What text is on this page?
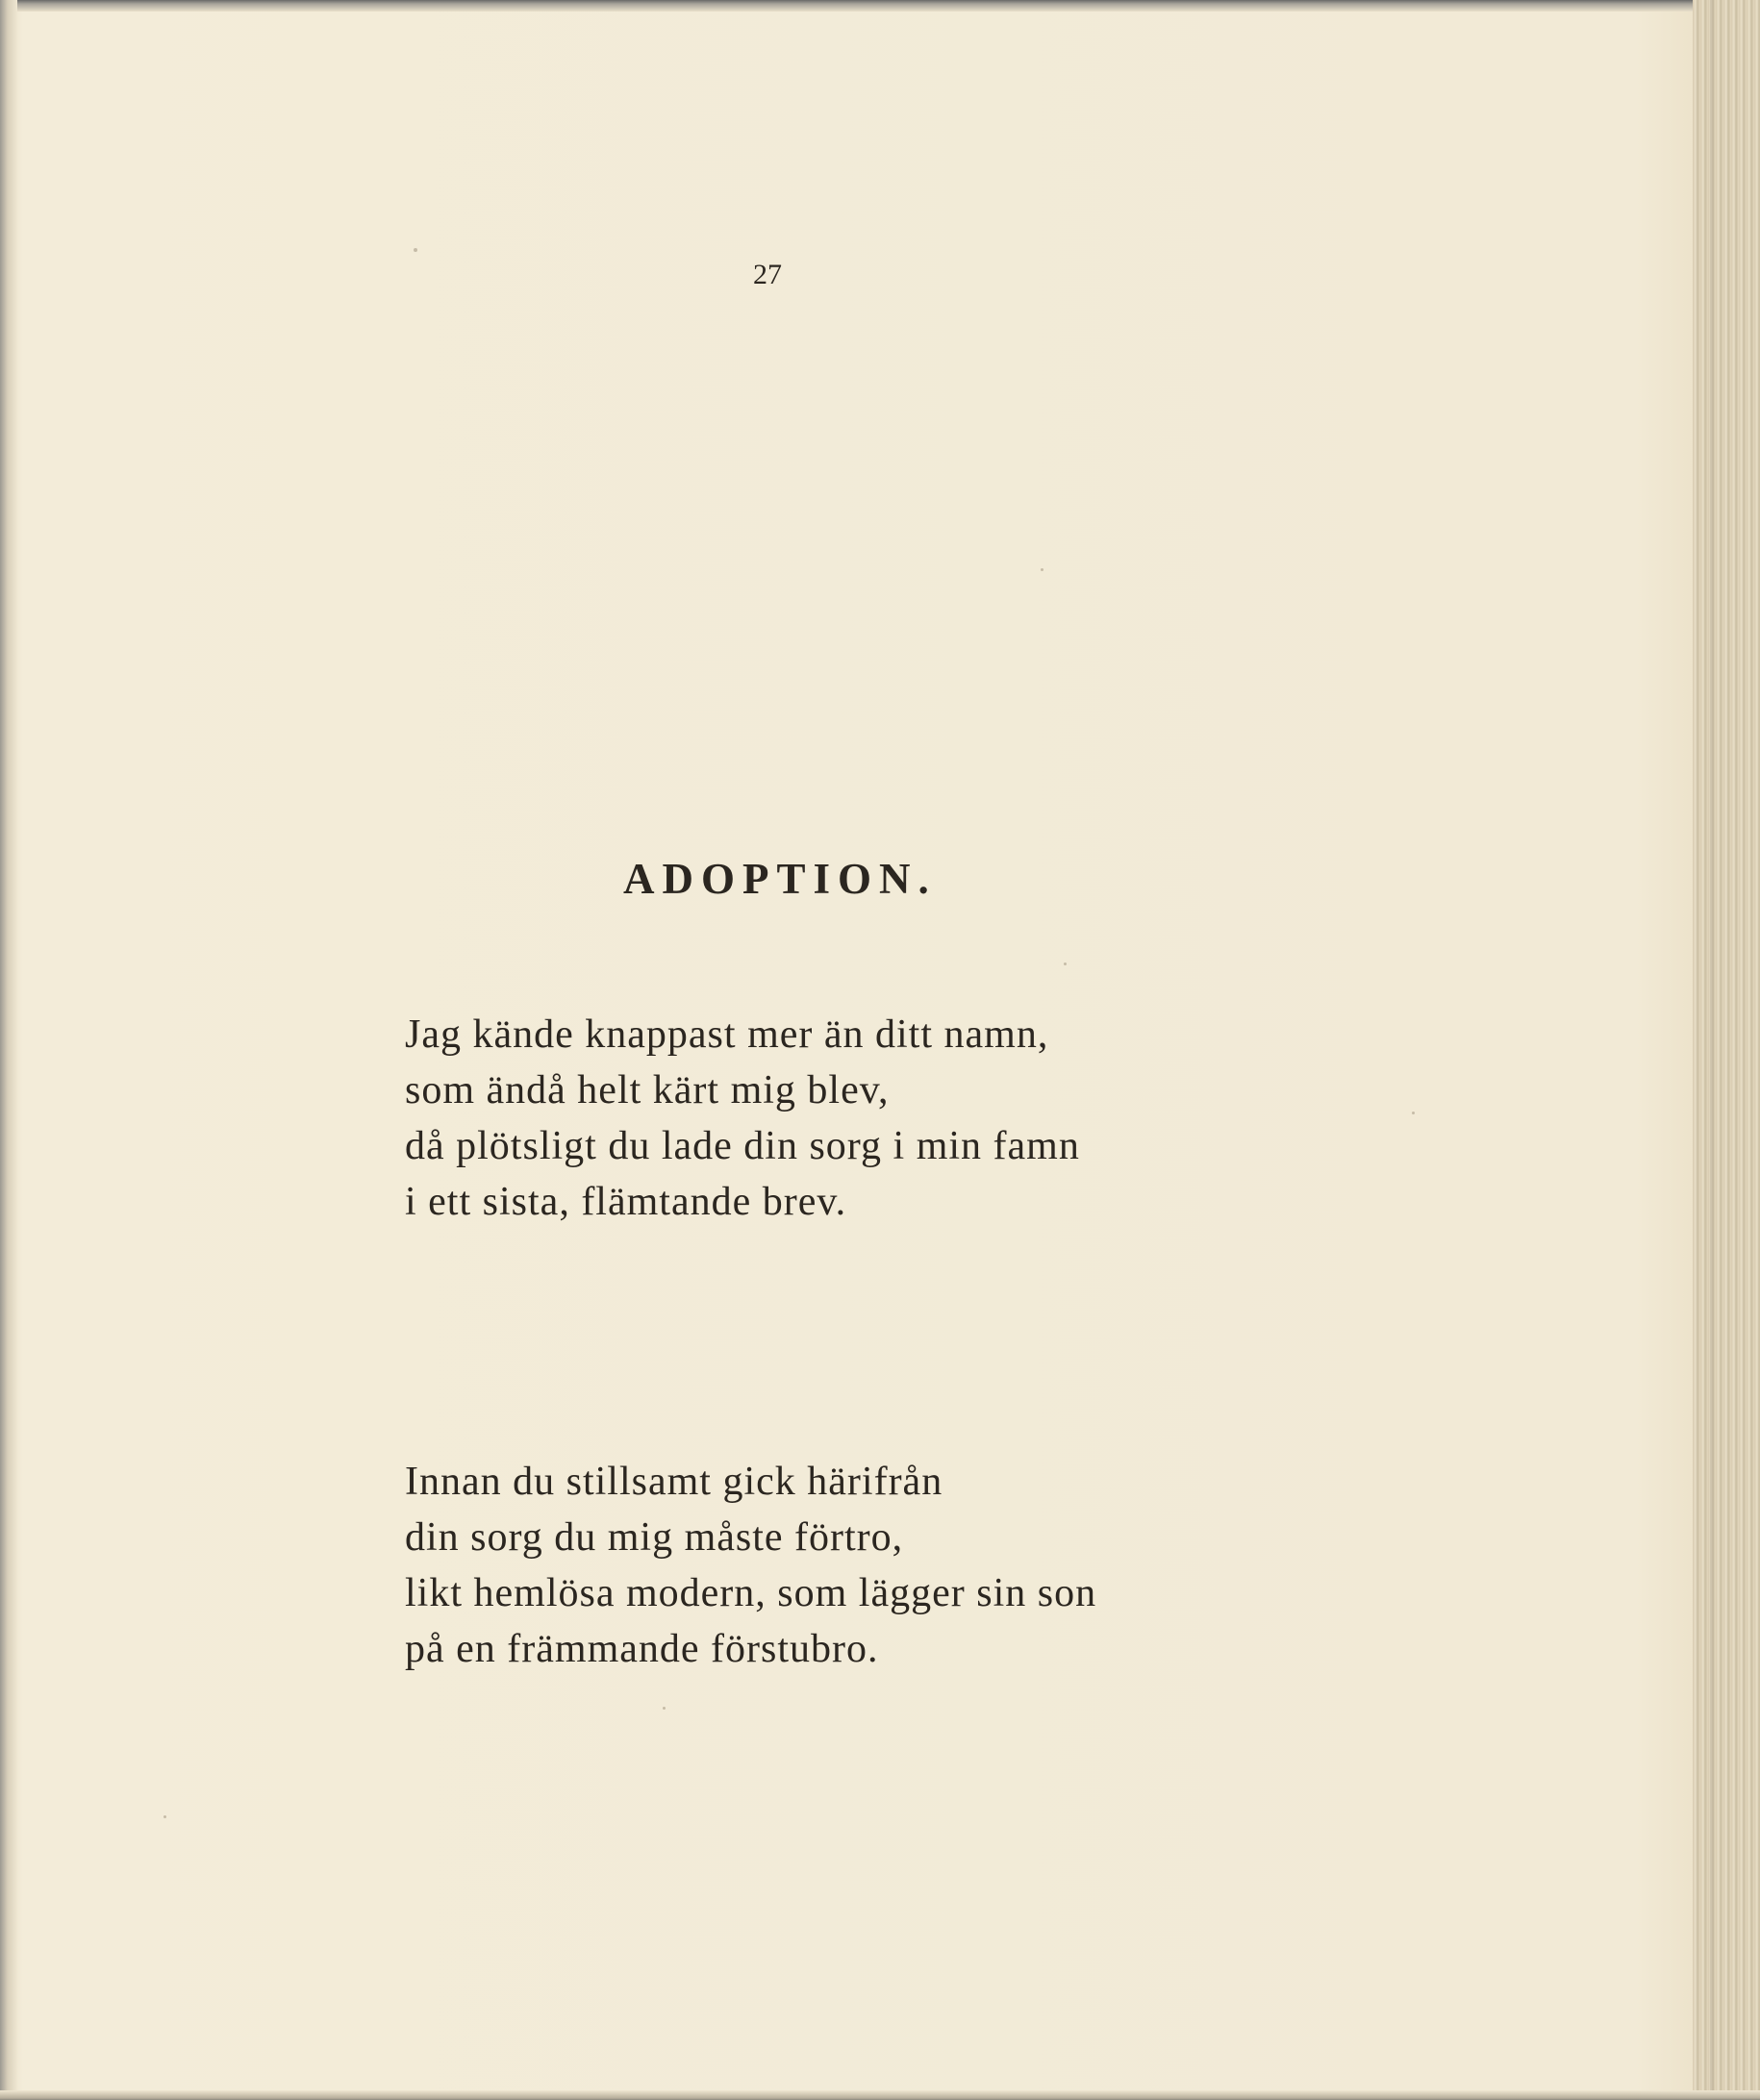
27

ADOPTION.
Jag kände knappast mer än ditt namn,
som ändå helt kärt mig blev,
då plötsligt du lade din sorg i min famn
i ett sista, flämtande brev.
Innan du stillsamt gick härifrån
din sorg du mig måste förtro,
likt hemlösa modern, som lägger sin son
på en främmande förstubro.
